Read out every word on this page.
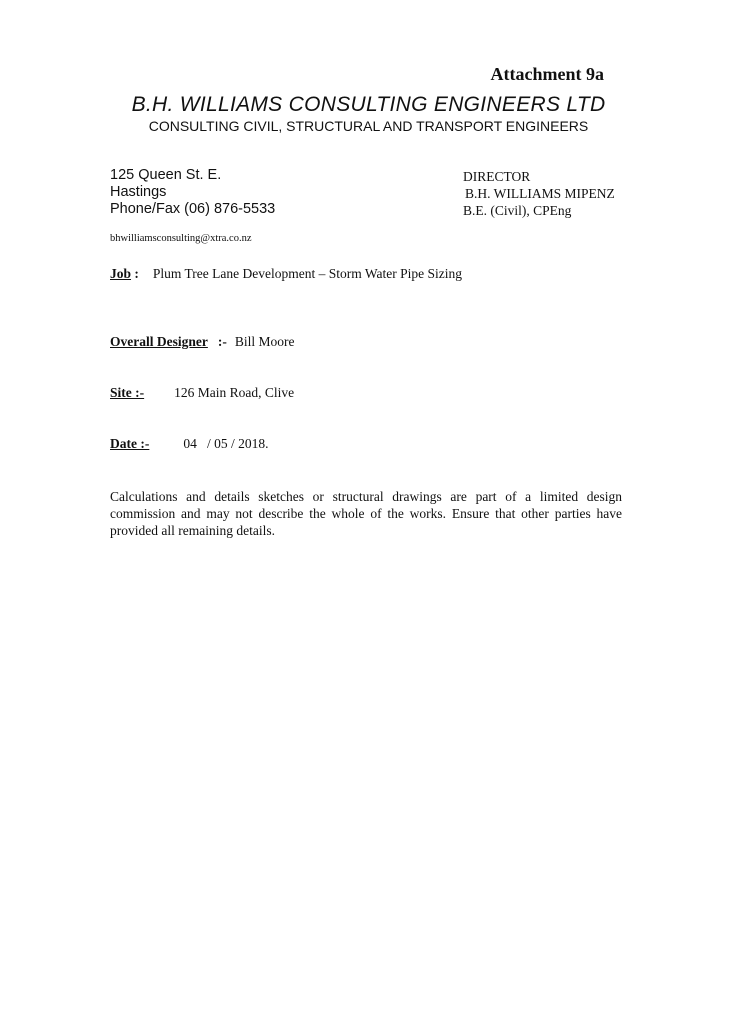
Attachment 9a
B.H. WILLIAMS CONSULTING ENGINEERS LTD
CONSULTING CIVIL, STRUCTURAL AND TRANSPORT ENGINEERS
125 Queen St. E.
Hastings
Phone/Fax (06) 876-5533
DIRECTOR
B.H. WILLIAMS MIPENZ
B.E. (Civil), CPEng
bhwilliamsconsulting@xtra.co.nz
Job : Plum Tree Lane Development – Storm Water Pipe Sizing
Overall Designer :- Bill Moore
Site :- 126 Main Road, Clive
Date :-	04   / 05 / 2018.
Calculations and details sketches or structural drawings are part of a limited design commission and may not describe the whole of the works. Ensure that other parties have provided all remaining details.
